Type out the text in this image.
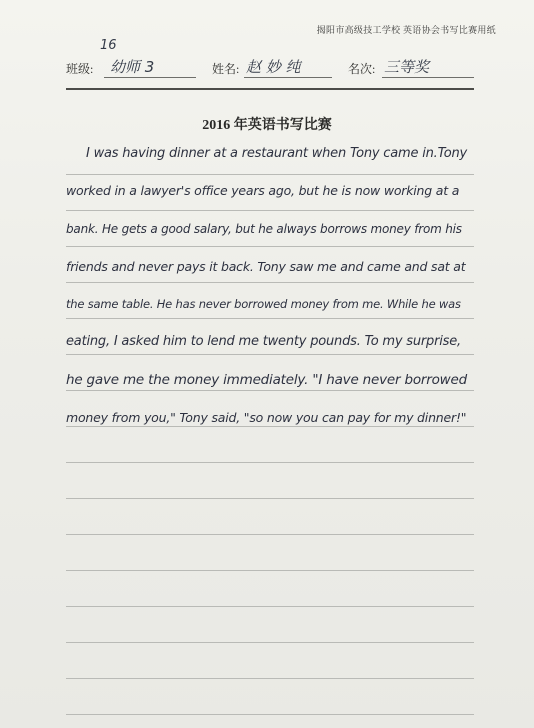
揭阳市高级技工学校 英语协会书写比赛用纸
16
班级: 幼师 3	姓名: 赵 妙 纯	名次: 三等奖
2016 年英语书写比赛
I was having dinner at a restaurant when Tony came in.Tony
worked in a lawyer's office years ago, but he is now working at a
bank. He gets a good salary, but he always borrows money from his
friends and never pays it back. Tony saw me and came and sat at
the same table. He has never borrowed money from me. While he was
eating, I asked him to lend me twenty pounds. To my surprise,
he gave me the money immediately. "I have never borrowed
money from you," Tony said, "so now you can pay for my dinner!"
